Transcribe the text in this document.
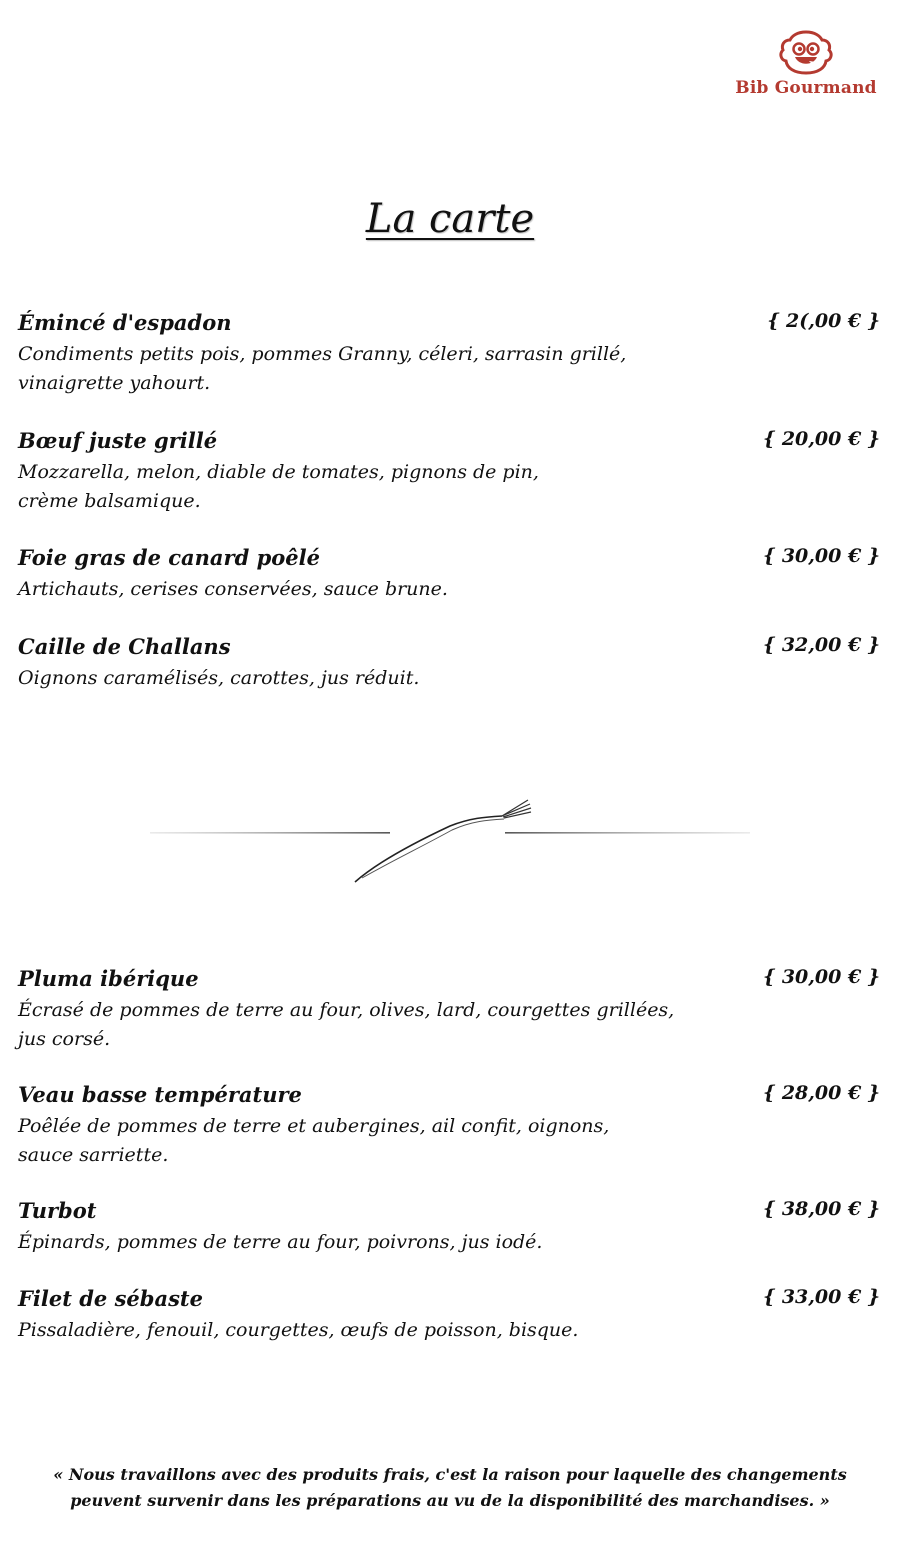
Bib Gourmand
La carte
Émincé d'espadon	{ 2(,00 € }
Condiments petits pois, pommes Granny, céleri, sarrasin grillé,
vinaigrette yahourt.
Bœuf juste grillé	{ 20,00 € }
Mozzarella, melon, diable de tomates, pignons de pin,
crème balsamique.
Foie gras de canard poêlé	{ 30,00 € }
Artichauts, cerises conservées, sauce brune.
Caille de Challans	{ 32,00 € }
Oignons caramélisés, carottes, jus réduit.
Pluma ibérique	{ 30,00 € }
Écrasé de pommes de terre au four, olives, lard, courgettes grillées,
jus corsé.
Veau basse température	{ 28,00 € }
Poêlée de pommes de terre et aubergines, ail confit, oignons,
sauce sarriette.
Turbot	{ 38,00 € }
Épinards, pommes de terre au four, poivrons, jus iodé.
Filet de sébaste	{ 33,00 € }
Pissaladière, fenouil, courgettes, œufs de poisson, bisque.
« Nous travaillons avec des produits frais, c'est la raison pour laquelle des changements
peuvent survenir dans les préparations au vu de la disponibilité des marchandises. »
